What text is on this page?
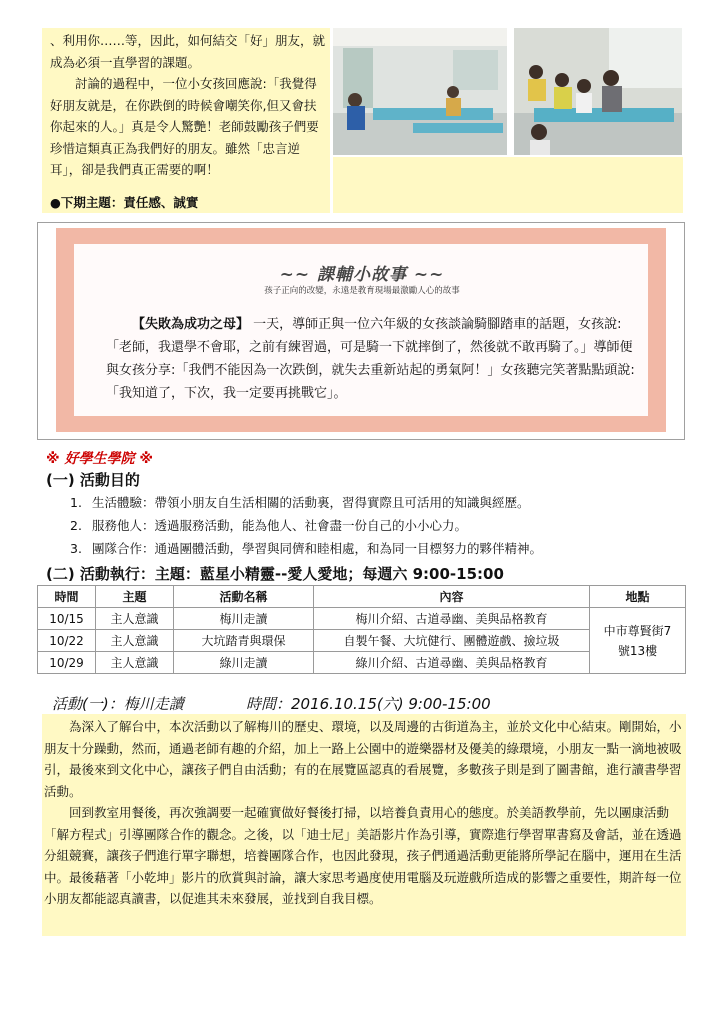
、利用你……等，因此，如何結交「好」朋友，就成為必須一直學習的課題。

討論的過程中，一位小女孩回應說:「我覺得好朋友就是，在你跌倒的時候會嘲笑你,但又會扶你起來的人。」真是令人驚艷！老師鼓勵孩子們要珍惜這類真正為我們好的朋友。雖然「忠言逆耳」，卻是我們真正需要的啊！

●下期主題：責任感、誠實
~~ 課輔小故事 ~~
孩子正向的改變，永遠是教育現場最激勵人心的故事

【失敗為成功之母】 一天，導師正與一位六年級的女孩談論騎腳踏車的話題，女孩說:「老師，我還學不會耶，之前有練習過，可是騎一下就摔倒了，然後就不敢再騎了。」導師便與女孩分享:「我們不能因為一次跌倒，就失去重新站起的勇氣阿！」女孩聽完笑著點點頭說:「我知道了，下次，我一定要再挑戰它」。

※ 好學生學院 ※
(一) 活動目的
1. 生活體驗：帶領小朋友自生活相關的活動裏，習得實際且可活用的知識與經歷。
2. 服務他人：透過服務活動，能為他人、社會盡一份自己的小小心力。
3. 團隊合作：通過團體活動，學習與同儕和睦相處，和為同一目標努力的夥伴精神。
(二) 活動執行：主題：藍星小精靈--愛人愛地；每週六 9:00-15:00
時間	主題	活動名稱	內容	地點
10/15	主人意識	梅川走讀	梅川介紹、古道尋幽、美與品格教育	中市尊賢街7號13樓
10/22	主人意識	大坑踏青與環保	自製午餐、大坑健行、團體遊戲、撿垃圾	
10/29	主人意識	綠川走讀	綠川介紹、古道尋幽、美與品格教育	
活動(一)：梅川走讀	時間：2016.10.15(六) 9:00-15:00

為深入了解台中，本次活動以了解梅川的歷史、環境，以及周邊的古街道為主，並於文化中心結束。剛開始，小朋友十分躁動，然而，通過老師有趣的介紹，加上一路上公園中的遊樂器材及優美的綠環境，小朋友一點一滴地被吸引，最後來到文化中心，讓孩子們自由活動；有的在展覽區認真的看展覽，多數孩子則是到了圖書館，進行讀書學習活動。

回到教室用餐後，再次強調要一起確實做好餐後打掃，以培養負責用心的態度。於美語教學前，先以團康活動「解方程式」引導團隊合作的觀念。之後，以「迪士尼」美語影片作為引導，實際進行學習單書寫及會話，並在透過分組競賽，讓孩子們進行單字聯想，培養團隊合作，也因此發現，孩子們通過活動更能將所學記在腦中，運用在生活中。最後藉著「小乾坤」影片的欣賞與討論，讓大家思考過度使用電腦及玩遊戲所造成的影響之重要性，期許每一位小朋友都能認真讀書，以促進其未來發展，並找到自我目標。
